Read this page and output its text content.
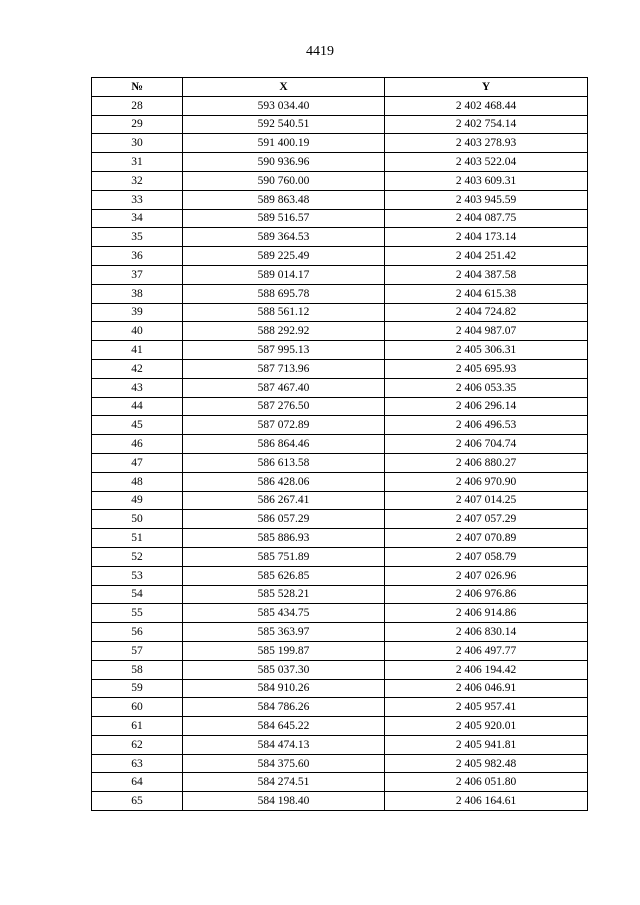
4419
№	X	Y
28	593 034.40	2 402 468.44
29	592 540.51	2 402 754.14
30	591 400.19	2 403 278.93
31	590 936.96	2 403 522.04
32	590 760.00	2 403 609.31
33	589 863.48	2 403 945.59
34	589 516.57	2 404 087.75
35	589 364.53	2 404 173.14
36	589 225.49	2 404 251.42
37	589 014.17	2 404 387.58
38	588 695.78	2 404 615.38
39	588 561.12	2 404 724.82
40	588 292.92	2 404 987.07
41	587 995.13	2 405 306.31
42	587 713.96	2 405 695.93
43	587 467.40	2 406 053.35
44	587 276.50	2 406 296.14
45	587 072.89	2 406 496.53
46	586 864.46	2 406 704.74
47	586 613.58	2 406 880.27
48	586 428.06	2 406 970.90
49	586 267.41	2 407 014.25
50	586 057.29	2 407 057.29
51	585 886.93	2 407 070.89
52	585 751.89	2 407 058.79
53	585 626.85	2 407 026.96
54	585 528.21	2 406 976.86
55	585 434.75	2 406 914.86
56	585 363.97	2 406 830.14
57	585 199.87	2 406 497.77
58	585 037.30	2 406 194.42
59	584 910.26	2 406 046.91
60	584 786.26	2 405 957.41
61	584 645.22	2 405 920.01
62	584 474.13	2 405 941.81
63	584 375.60	2 405 982.48
64	584 274.51	2 406 051.80
65	584 198.40	2 406 164.61
